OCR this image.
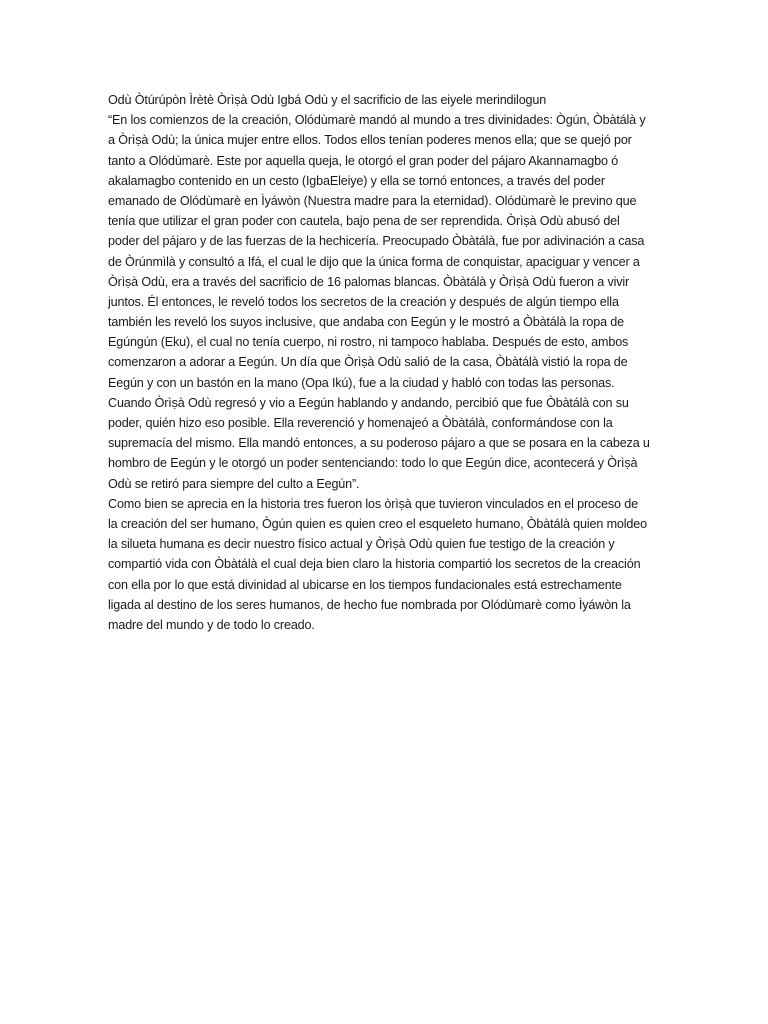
Odù Òtúrúpòn Ìrètè Òrìṣà Odù Igbá Odù y el sacrificio de las eiyele merindilogun
“En los comienzos de la creación, Olódùmarè mandó al mundo a tres divinidades: Ògún, Òbàtálà y
a Òrìṣà Odù; la única mujer entre ellos. Todos ellos tenían poderes menos ella; que se quejó por
tanto a Olódùmarè. Este por aquella queja, le otorgó el gran poder del pájaro Akannamagbo ó
akalamagbo contenido en un cesto (IgbaEleiye) y ella se tornó entonces, a través del poder
emanado de Olódùmarè en Ìyáwòn (Nuestra madre para la eternidad). Olódùmarè le previno que
tenía que utilizar el gran poder con cautela, bajo pena de ser reprendida. Òrìṣà Odù abusó del
poder del pájaro y de las fuerzas de la hechicería. Preocupado Òbàtálà, fue por adivinación a casa
de Òrúnmìlà y consultó a Ifá, el cual le dijo que la única forma de conquistar, apaciguar y vencer a
Òrìṣà Odù, era a través del sacrificio de 16 palomas blancas. Òbàtálà y Òrìṣà Odù fueron a vivir
juntos. Él entonces, le reveló todos los secretos de la creación y después de algún tiempo ella
también les reveló los suyos inclusive, que andaba con Eegún y le mostró a Òbàtálà la ropa de
Egúngún (Eku), el cual no tenía cuerpo, ni rostro, ni tampoco hablaba. Después de esto, ambos
comenzaron a adorar a Eegún. Un día que Òrìṣà Odù salió de la casa, Òbàtálà vistió la ropa de
Eegún y con un bastón en la mano (Opa Ikú), fue a la ciudad y habló con todas las personas.
Cuando Òrìṣà Odù regresó y vio a Eegún hablando y andando, percibió que fue Òbàtálà con su
poder, quién hizo eso posible. Ella reverenció y homenajeó a Òbàtálà, conformándose con la
supremacía del mismo. Ella mandó entonces, a su poderoso pájaro a que se posara en la cabeza u
hombro de Eegún y le otorgó un poder sentenciando: todo lo que Eegún dice, acontecerá y Òrìṣà
Odù se retiró para siempre del culto a Eegún”.
Como bien se aprecia en la historia tres fueron los òrìṣà que tuvieron vinculados en el proceso de
la creación del ser humano, Ògún quien es quien creo el esqueleto humano, Òbàtálà quien moldeo
la silueta humana es decir nuestro físico actual y Òrìṣà Odù quien fue testigo de la creación y
compartió vida con Òbàtálà el cual deja bien claro la historia compartió los secretos de la creación
con ella por lo que está divinidad al ubicarse en los tiempos fundacionales está estrechamente
ligada al destino de los seres humanos, de hecho fue nombrada por Olódùmarè como Ìyáwòn la
madre del mundo y de todo lo creado.
